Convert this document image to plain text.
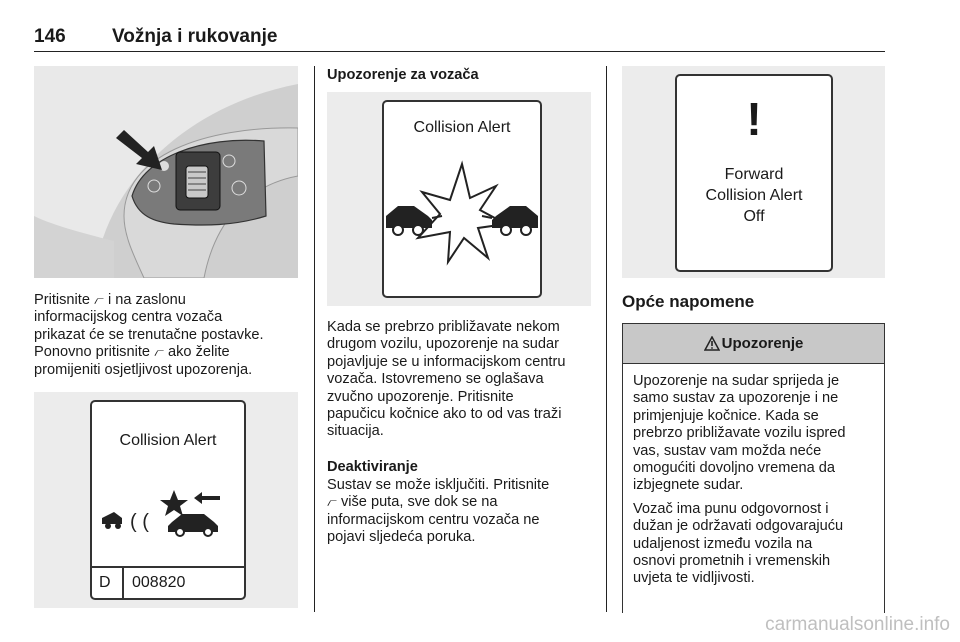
146 Vožnja i rukovanje
Pritisnite ⦧ i na zaslonu
informacijskog centra vozača
prikazat će se trenutačne postavke.
Ponovno pritisnite ⦧ ako želite
promijeniti osjetljivost upozorenja.
Collision Alert
( (
D 008820
Upozorenje za vozača
Collision Alert
Kada se prebrzo približavate nekom
drugom vozilu, upozorenje na sudar
pojavljuje se u informacijskom centru
vozača. Istovremeno se oglašava
zvučno upozorenje. Pritisnite
papučicu kočnice ako to od vas traži
situacija.
Deaktiviranje
Sustav se može isključiti. Pritisnite
⦧ više puta, sve dok se na
informacijskom centru vozača ne
pojavi sljedeća poruka.
!
Forward
Collision Alert
Off
Opće napomene
Upozorenje

Upozorenje na sudar sprijeda je
samo sustav za upozorenje i ne
primjenjuje kočnice. Kada se
prebrzo približavate vozilu ispred
vas, sustav vam možda neće
omogućiti dovoljno vremena da
izbjegnete sudar.

Vozač ima punu odgovornost i
dužan je održavati odgovarajuću
udaljenost između vozila na
osnovi prometnih i vremenskih
uvjeta te vidljivosti.

carmanualsonline.info
